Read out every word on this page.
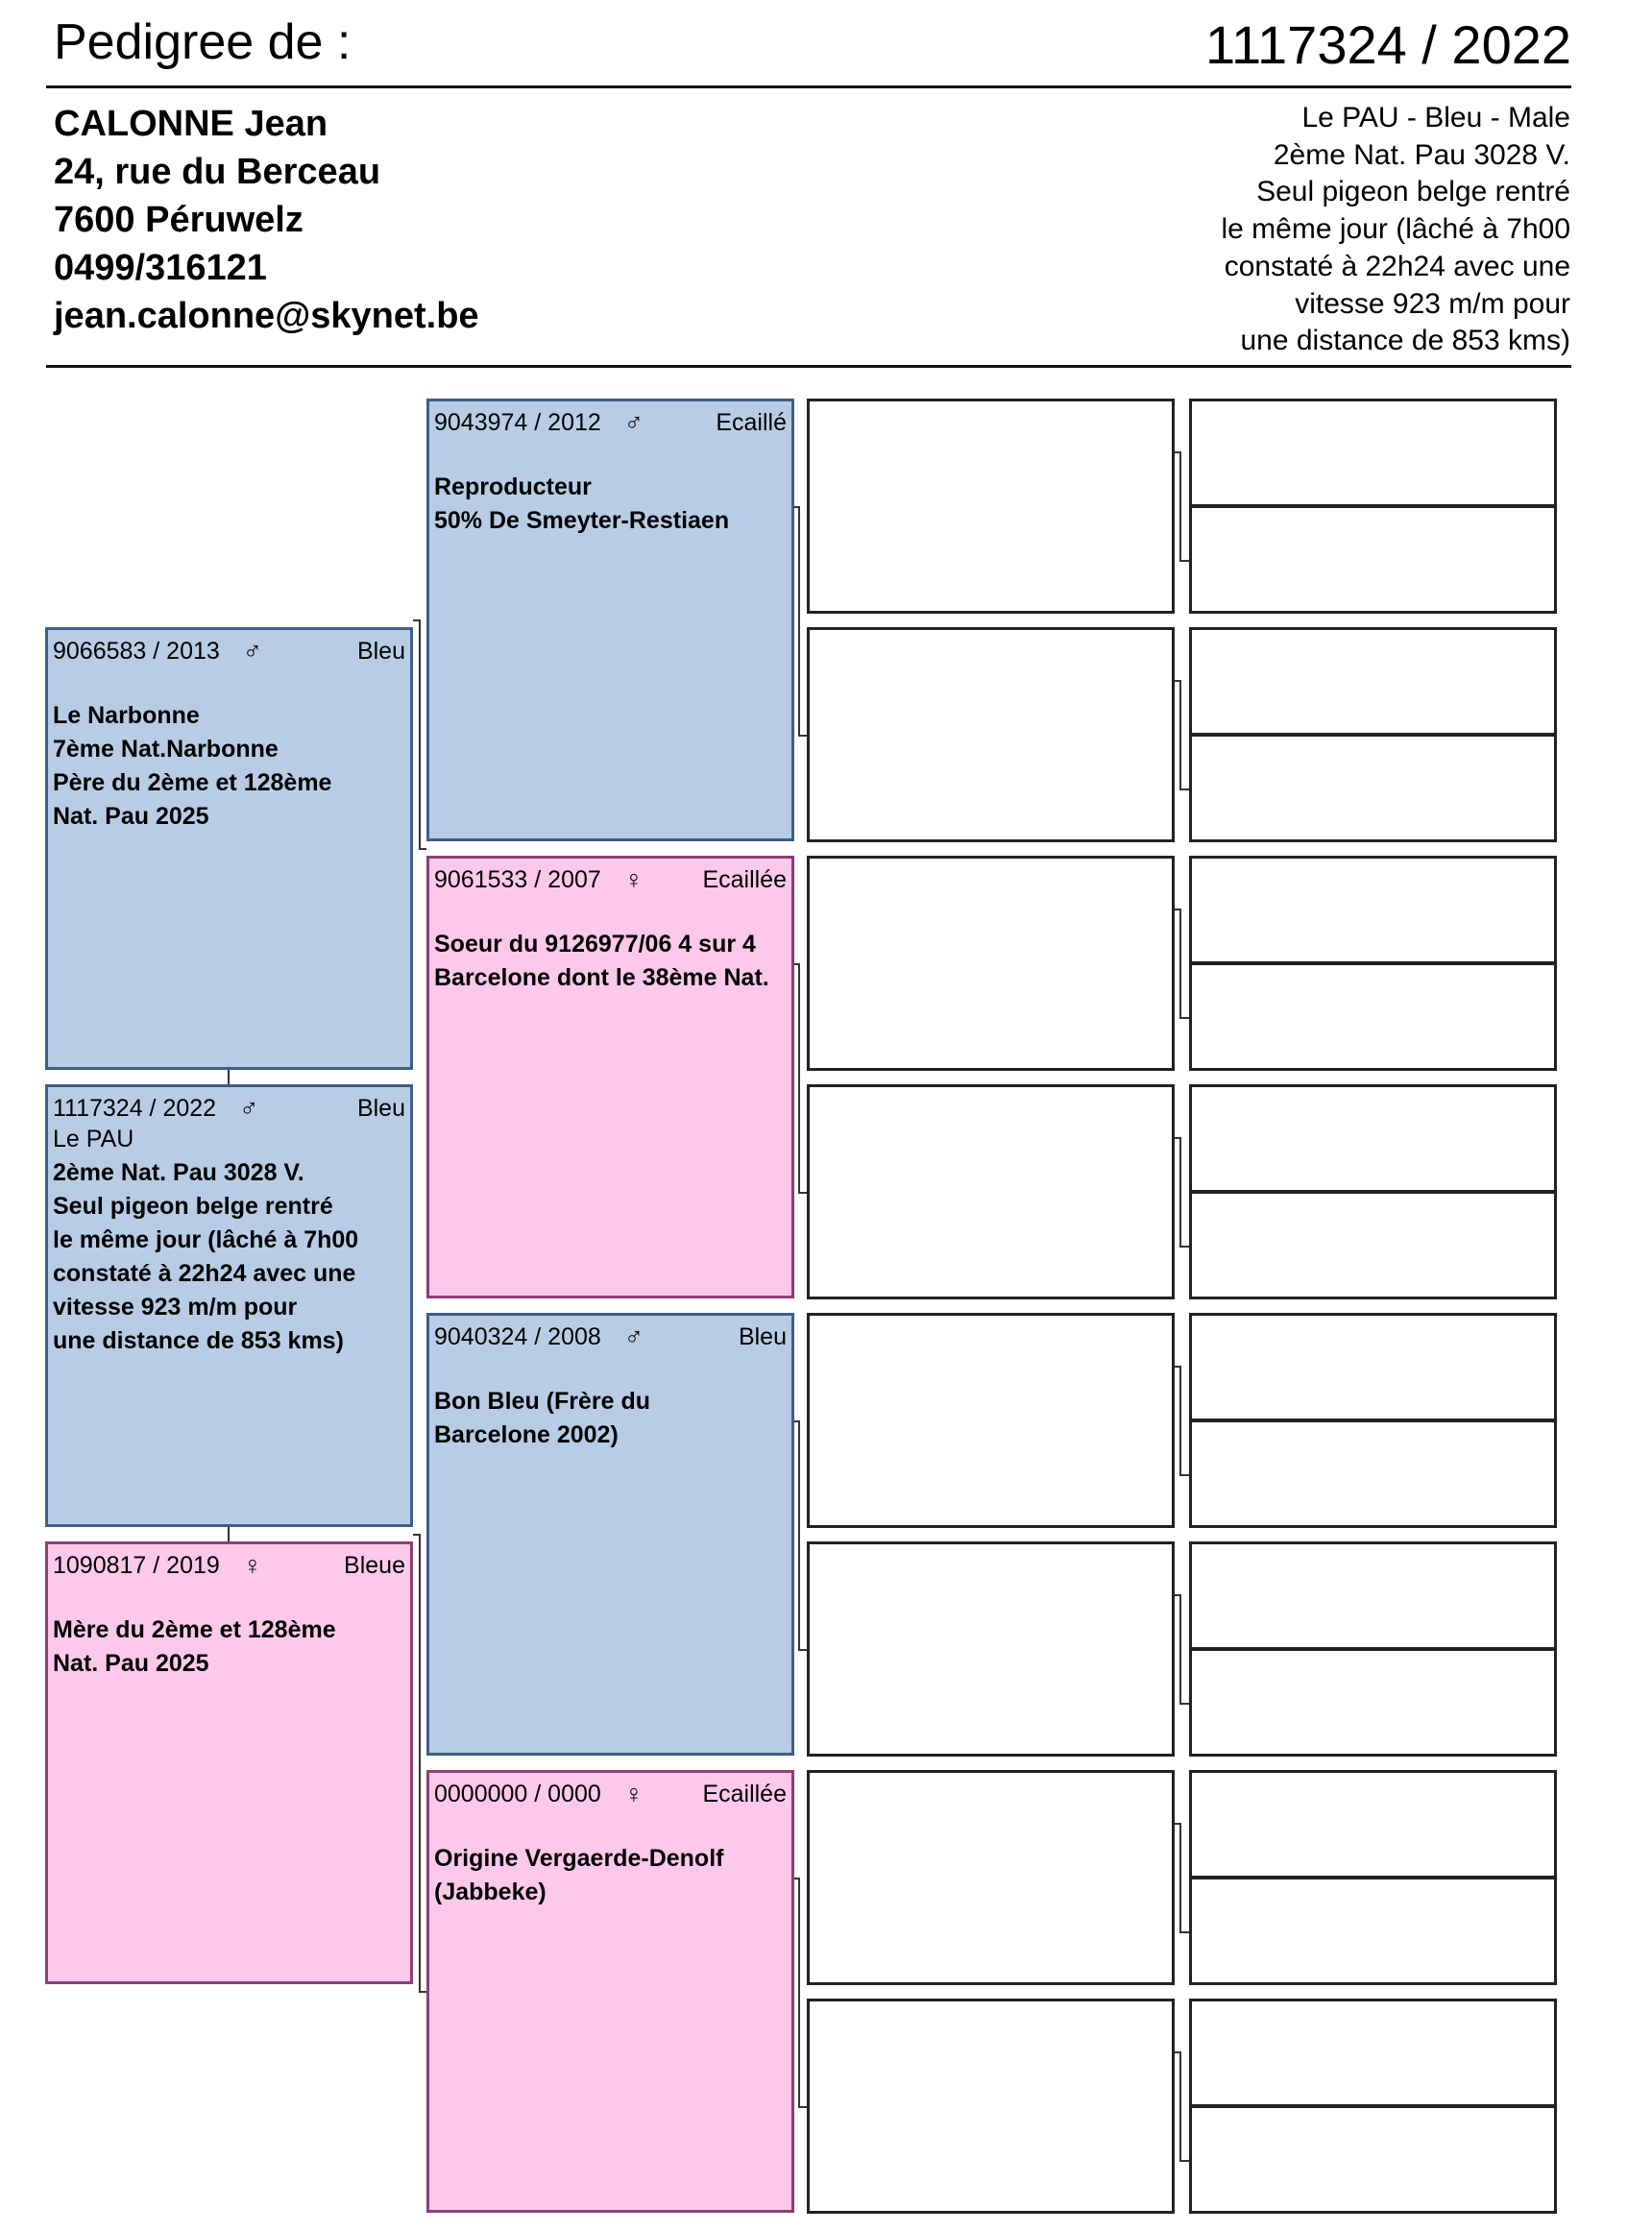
Pedigree de :	1117324 / 2022
CALONNE Jean
24, rue du Berceau
7600 Péruwelz
0499/316121
jean.calonne@skynet.be
Le PAU - Bleu - Male
2ème Nat. Pau 3028 V.
Seul pigeon belge rentré
le même jour (lâché à 7h00
constaté à 22h24 avec une
vitesse 923 m/m pour
une distance de 853 kms)
9066583 / 2013 ♂	Bleu
Le Narbonne
7ème Nat.Narbonne
Père du 2ème et 128ème
Nat. Pau 2025
1117324 / 2022 ♂	Bleu
Le PAU
2ème Nat. Pau 3028 V.
Seul pigeon belge rentré
le même jour (lâché à 7h00
constaté à 22h24 avec une
vitesse 923 m/m pour
une distance de 853 kms)
1090817 / 2019 ♀	Bleue
Mère du 2ème et 128ème
Nat. Pau 2025
9043974 / 2012 ♂	Ecaillé
Reproducteur
50% De Smeyter-Restiaen
9061533 / 2007 ♀ Ecaillée
Soeur du 9126977/06 4 sur 4
Barcelone dont le 38ème Nat.
9040324 / 2008 ♂	Bleu
Bon Bleu (Frère du
Barcelone 2002)
0000000 / 0000 ♀ Ecaillée
Origine Vergaerde-Denolf
(Jabbeke)
